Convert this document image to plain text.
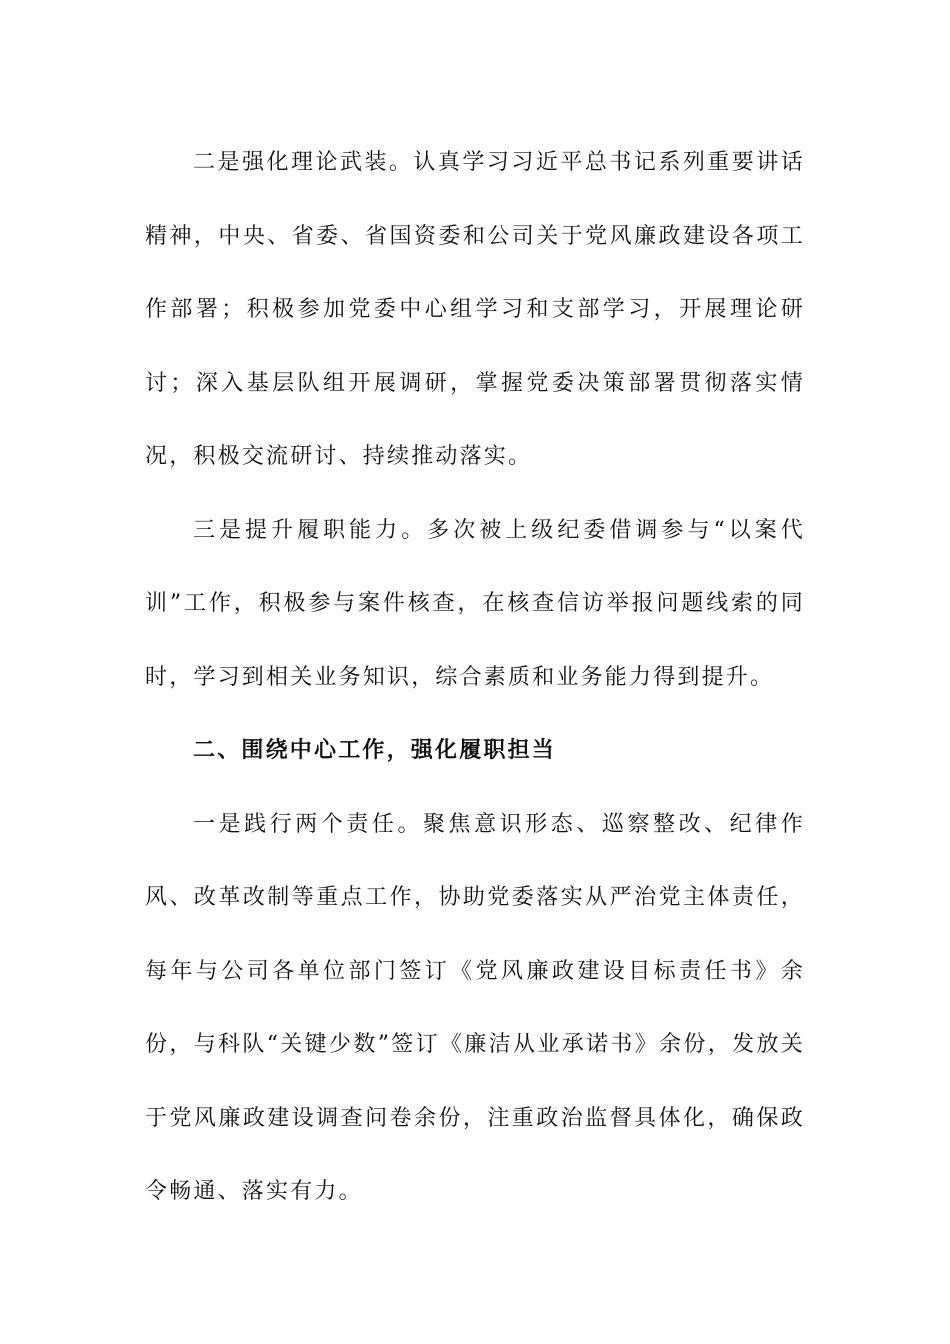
二是强化理论武装。认真学习习近平总书记系列重要讲话精神，中央、省委、省国资委和公司关于党风廉政建设各项工作部署；积极参加党委中心组学习和支部学习，开展理论研讨；深入基层队组开展调研，掌握党委决策部署贯彻落实情况，积极交流研讨、持续推动落实。

三是提升履职能力。多次被上级纪委借调参与“以案代训”工作，积极参与案件核查，在核查信访举报问题线索的同时，学习到相关业务知识，综合素质和业务能力得到提升。

二、围绕中心工作，强化履职担当

一是践行两个责任。聚焦意识形态、巡察整改、纪律作风、改革改制等重点工作，协助党委落实从严治党主体责任，每年与公司各单位部门签订《党风廉政建设目标责任书》余份，与科队“关键少数”签订《廉洁从业承诺书》余份，发放关于党风廉政建设调查问卷余份，注重政治监督具体化，确保政令畅通、落实有力。
